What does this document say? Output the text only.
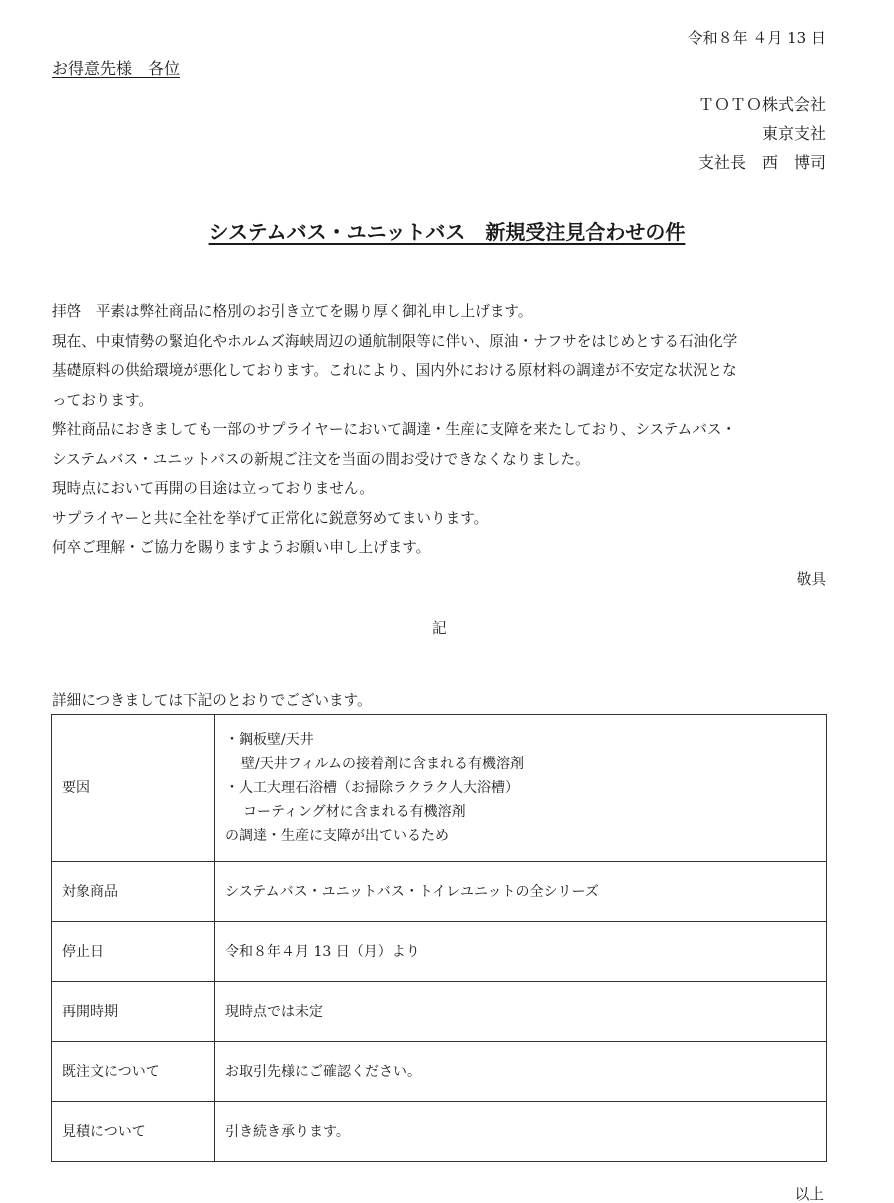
令和８年 ４月 13 日
お得意先様　各位
ＴＯＴＯ株式会社
東京支社
支社長　西　博司
システムバス・ユニットバス　新規受注見合わせの件
拝啓　平素は弊社商品に格別のお引き立てを賜り厚く御礼申し上げます。
現在、中東情勢の緊迫化やホルムズ海峡周辺の通航制限等に伴い、原油・ナフサをはじめとする石油化学
基礎原料の供給環境が悪化しております。これにより、国内外における原材料の調達が不安定な状況とな
っております。
弊社商品におきましても一部のサプライヤーにおいて調達・生産に支障を来たしており、システムバス・
システムバス・ユニットバスの新規ご注文を当面の間お受けできなくなりました。
現時点において再開の目途は立っておりません。
サプライヤーと共に全社を挙げて正常化に鋭意努めてまいります。
何卒ご理解・ご協力を賜りますようお願い申し上げます。
敬具
記
詳細につきましては下記のとおりでございます。
要因	・鋼板壁/天井
壁/天井フィルムの接着剤に含まれる有機溶剤
・人工大理石浴槽（お掃除ラクラク人大浴槽）
コーティング材に含まれる有機溶剤
の調達・生産に支障が出ているため

対象商品	システムバス・ユニットバス・トイレユニットの全シリーズ
停止日	令和８年４月 13 日（月）より
再開時期	現時点では未定
既注文について	お取引先様にご確認ください。
見積について	引き続き承ります。
以上
